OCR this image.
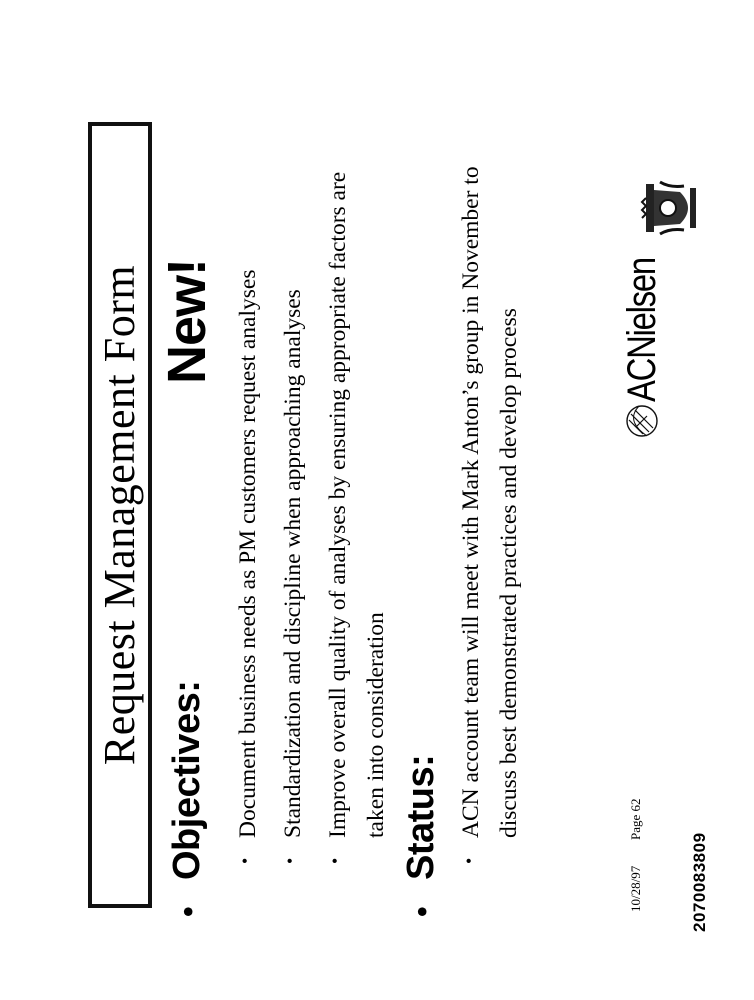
Request Management Form New!
•
Objectives: •
Document business needs as PM customers request analyses
•
Standardization and discipline when approaching analyses
•
Improve overall quality of analyses by ensuring appropriate factors are taken into consideration
•
Status: •
ACN account team will meet with Mark Anton’s group in November to discuss best demonstrated practices and develop process
10/28/97
Page 62
2070083809
ACNielsen
